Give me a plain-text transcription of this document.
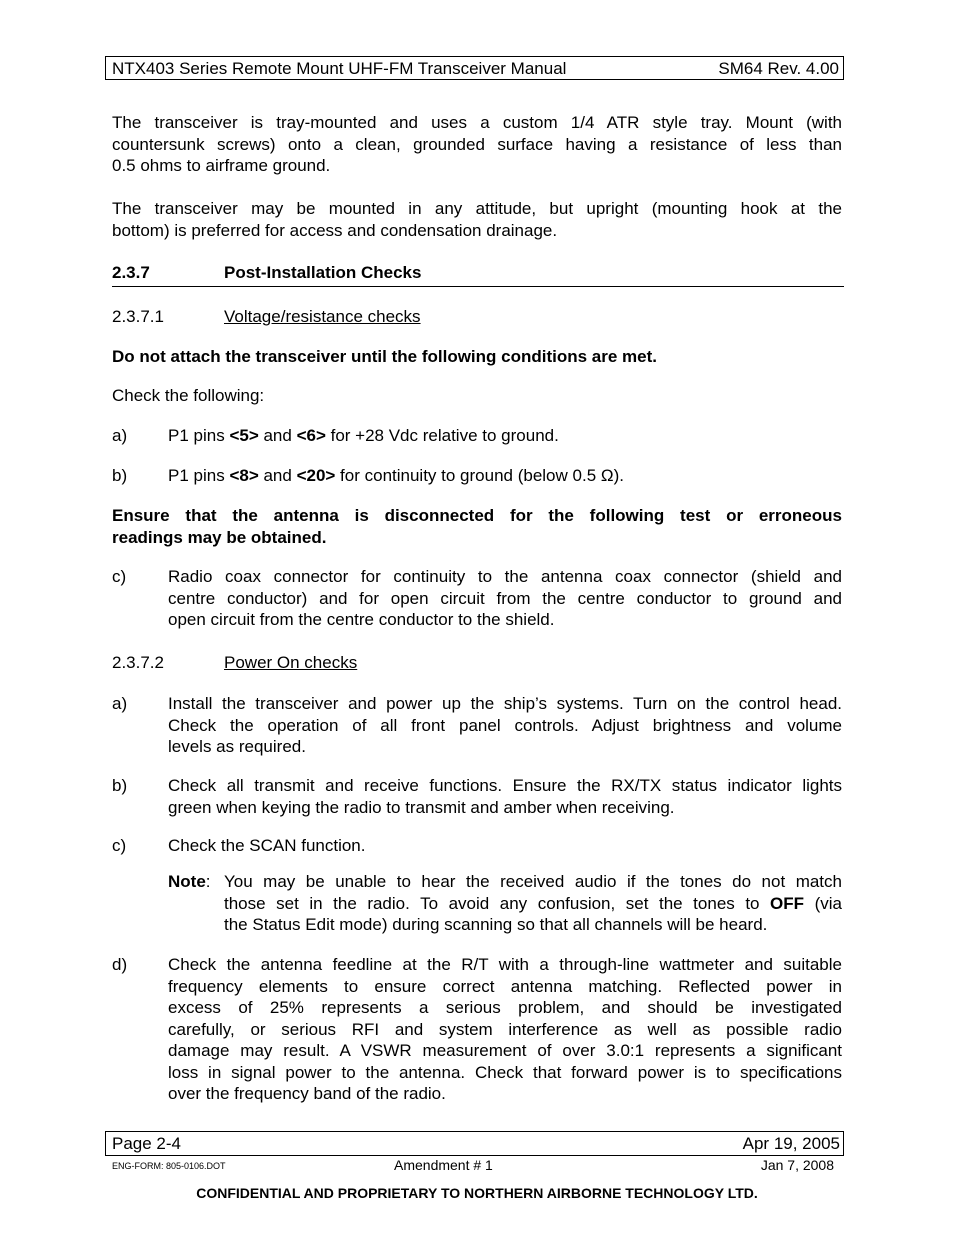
NTX403 Series Remote Mount UHF-FM Transceiver Manual	SM64 Rev. 4.00
The transceiver is tray-mounted and uses a custom 1/4 ATR style tray. Mount (with
countersunk screws) onto a clean, grounded surface having a resistance of less than
0.5 ohms to airframe ground.
The transceiver may be mounted in any attitude, but upright (mounting hook at the
bottom) is preferred for access and condensation drainage.
2.3.7	Post-Installation Checks
2.3.7.1	Voltage/resistance checks
Do not attach the transceiver until the following conditions are met.
Check the following:
a) P1 pins <5> and <6> for +28 Vdc relative to ground.
b) P1 pins <8> and <20> for continuity to ground (below 0.5 Ω).
Ensure that the antenna is disconnected for the following test or erroneous
readings may be obtained.
c) Radio coax connector for continuity to the antenna coax connector (shield and
centre conductor) and for open circuit from the centre conductor to ground and
open circuit from the centre conductor to the shield.
2.3.7.2	Power On checks
a) Install the transceiver and power up the ship’s systems. Turn on the control head.
Check the operation of all front panel controls. Adjust brightness and volume
levels as required.
b) Check all transmit and receive functions. Ensure the RX/TX status indicator lights
green when keying the radio to transmit and amber when receiving.
c) Check the SCAN function.
Note: You may be unable to hear the received audio if the tones do not match
those set in the radio. To avoid any confusion, set the tones to OFF (via
the Status Edit mode) during scanning so that all channels will be heard.
d) Check the antenna feedline at the R/T with a through-line wattmeter and suitable
frequency elements to ensure correct antenna matching. Reflected power in
excess of 25% represents a serious problem, and should be investigated
carefully, or serious RFI and system interference as well as possible radio
damage may result. A VSWR measurement of over 3.0:1 represents a significant
loss in signal power to the antenna. Check that forward power is to specifications
over the frequency band of the radio.
Page 2-4	Apr 19, 2005
ENG-FORM: 805-0106.DOT	Amendment # 1	Jan 7, 2008
CONFIDENTIAL AND PROPRIETARY TO NORTHERN AIRBORNE TECHNOLOGY LTD.
